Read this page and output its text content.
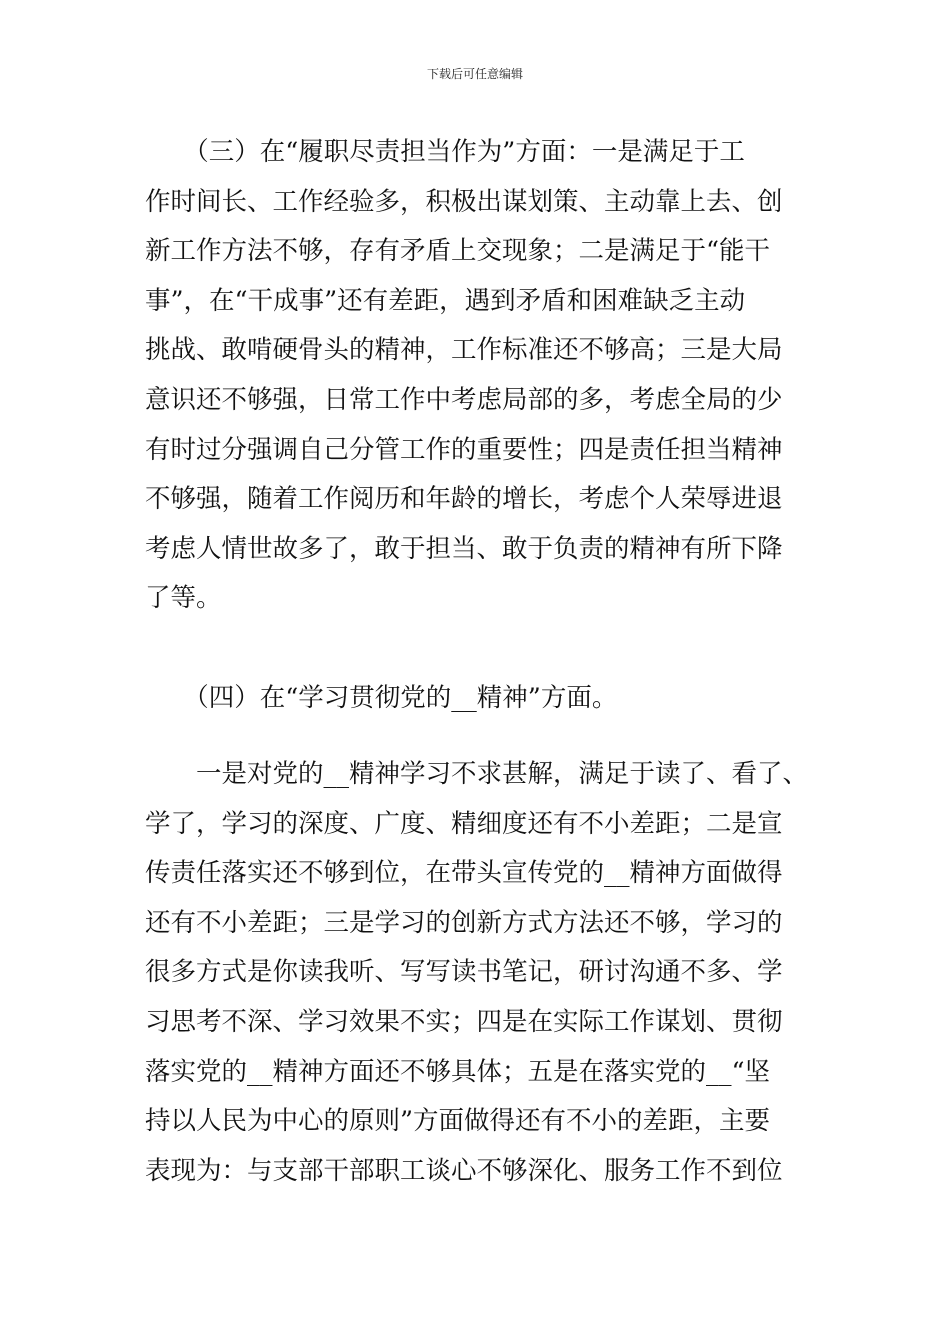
下载后可任意编辑
　　（三）在“履职尽责担当作为”方面：一是满足于工
作时间长、工作经验多，积极出谋划策、主动靠上去、创
新工作方法不够，存有矛盾上交现象；二是满足于“能干
事”，在“干成事”还有差距，遇到矛盾和困难缺乏主动
挑战、敢啃硬骨头的精神，工作标准还不够高；三是大局
意识还不够强，日常工作中考虑局部的多，考虑全局的少
有时过分强调自己分管工作的重要性；四是责任担当精神
不够强，随着工作阅历和年龄的增长，考虑个人荣辱进退
考虑人情世故多了，敢于担当、敢于负责的精神有所下降
了等。
　　（四）在“学习贯彻党的__精神”方面。
　　一是对党的__精神学习不求甚解，满足于读了、看了、
学了，学习的深度、广度、精细度还有不小差距；二是宣
传责任落实还不够到位，在带头宣传党的__精神方面做得
还有不小差距；三是学习的创新方式方法还不够，学习的
很多方式是你读我听、写写读书笔记，研讨沟通不多、学
习思考不深、学习效果不实；四是在实际工作谋划、贯彻
落实党的__精神方面还不够具体；五是在落实党的__“坚
持以人民为中心的原则”方面做得还有不小的差距，主要
表现为：与支部干部职工谈心不够深化、服务工作不到位
